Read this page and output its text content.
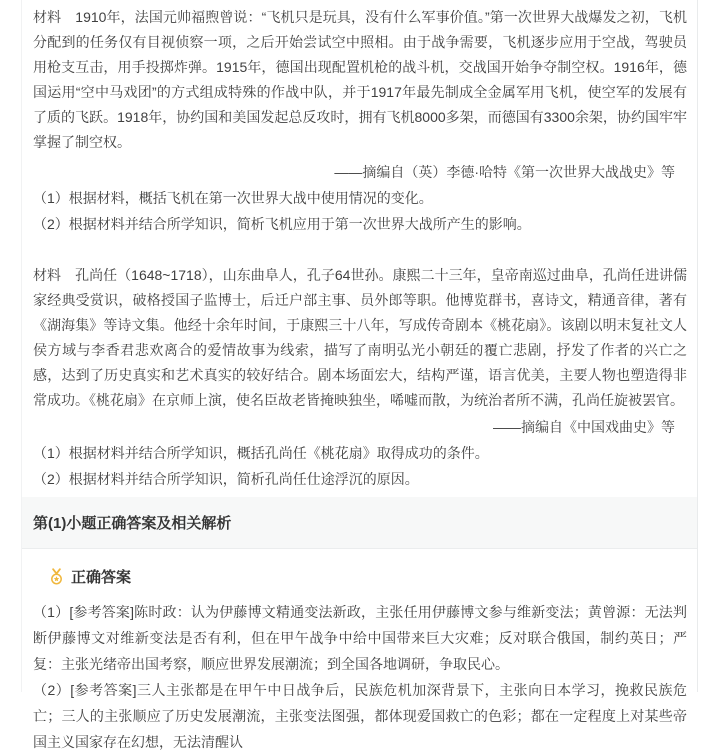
材料　1910年，法国元帅福煦曾说：“飞机只是玩具，没有什么军事价值。”第一次世界大战爆发之初，飞机分配到的任务仅有目视侦察一项，之后开始尝试空中照相。由于战争需要，飞机逐步应用于空战，驾驶员用枪支互击，用手投掷炸弹。1915年，德国出现配置机枪的战斗机，交战国开始争夺制空权。1916年，德国运用“空中马戏团”的方式组成特殊的作战中队，并于1917年最先制成全金属军用飞机，使空军的发展有了质的飞跃。1918年，协约国和美国发起总反攻时，拥有飞机8000多架，而德国有3300余架，协约国牢牢掌握了制空权。

——摘编自（英）李德·哈特《第一次世界大战战史》等

（1）根据材料，概括飞机在第一次世界大战中使用情况的变化。

（2）根据材料并结合所学知识，简析飞机应用于第一次世界大战所产生的影响。

材料　孔尚任（1648~1718），山东曲阜人，孔子64世孙。康熙二十三年，皇帝南巡过曲阜，孔尚任进讲儒家经典受赏识，破格授国子监博士，后迁户部主事、员外郎等职。他博览群书，喜诗文，精通音律，著有《湖海集》等诗文集。他经十余年时间，于康熙三十八年，写成传奇剧本《桃花扇》。该剧以明末复社文人侯方域与李香君悲欢离合的爱情故事为线索，描写了南明弘光小朝廷的覆亡悲剧，抒发了作者的兴亡之感，达到了历史真实和艺术真实的较好结合。剧本场面宏大，结构严谨，语言优美，主要人物也塑造得非常成功。《桃花扇》在京师上演，使名臣故老皆掩映独坐，唏嘘而散，为统治者所不满，孔尚任旋被罢官。

——摘编自《中国戏曲史》等

（1）根据材料并结合所学知识，概括孔尚任《桃花扇》取得成功的条件。

（2）根据材料并结合所学知识，简析孔尚任仕途浮沉的原因。

第(1)小题正确答案及相关解析
正确答案

（1）[参考答案]陈时政：认为伊藤博文精通变法新政，主张任用伊藤博文参与维新变法；黄曾源：无法判断伊藤博文对维新变法是否有利，但在甲午战争中给中国带来巨大灾难；反对联合俄国，制约英日；严复：主张光绪帝出国考察，顺应世界发展潮流；到全国各地调研，争取民心。

（2）[参考答案]三人主张都是在甲午中日战争后，民族危机加深背景下，主张向日本学习，挽救民族危亡；三人的主张顺应了历史发展潮流，主张变法图强，都体现爱国救亡的色彩；都在一定程度上对某些帝国主义国家存在幻想，无法清醒认
